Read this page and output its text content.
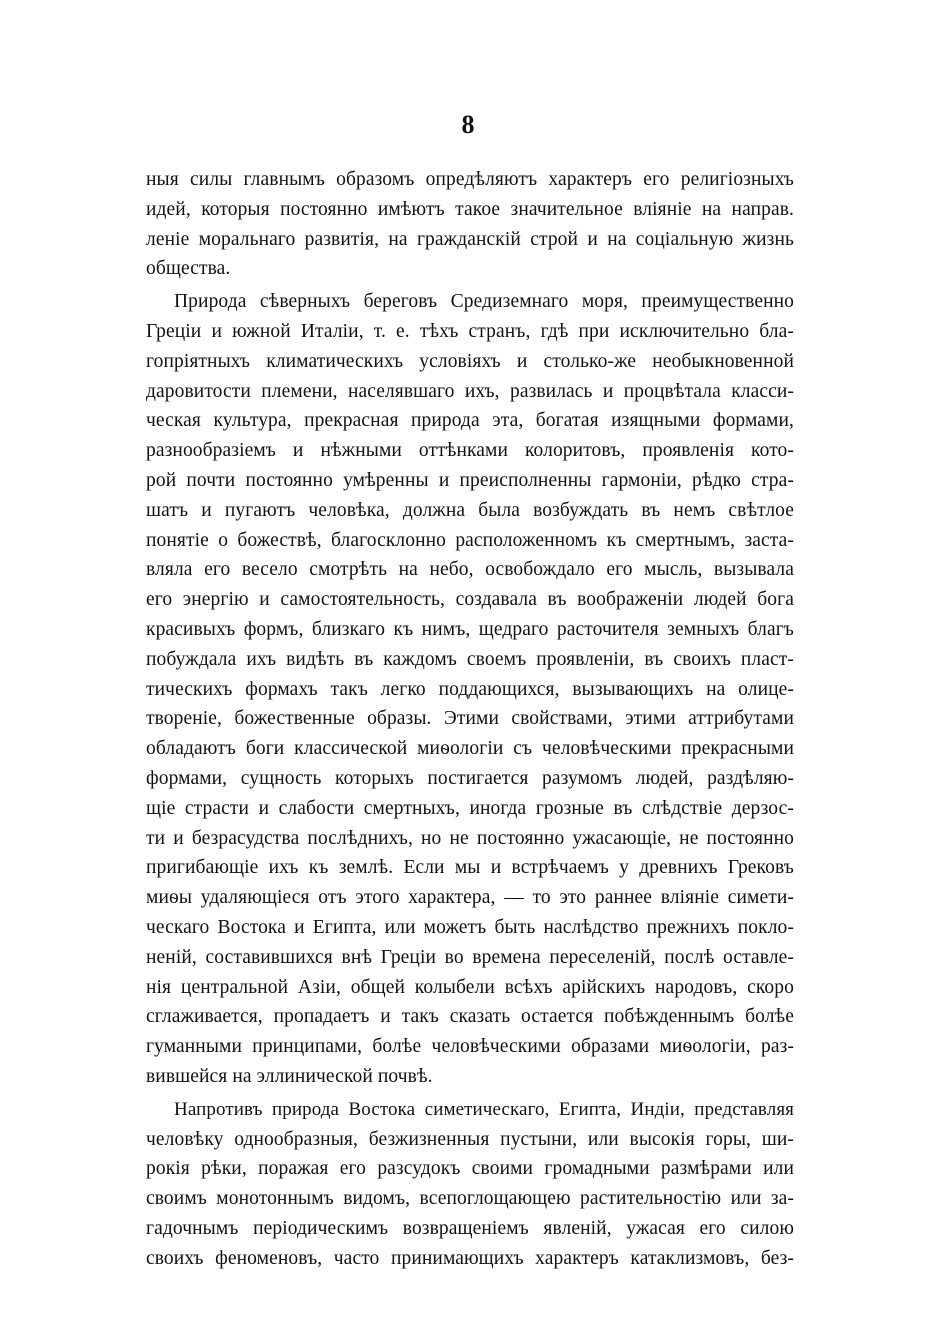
8
ныя силы главнымъ образомъ опредѣляютъ характеръ его религіозныхъ
идей, которыя постоянно имѣютъ такое значительное вліяніе на направ.
леніе моральнаго развитія, на гражданскій строй и на соціальную жизнь
общества.
Природа сѣверныхъ береговъ Средиземнаго моря, преимущественно
Греціи и южной Италіи, т. е. тѣхъ странъ, гдѣ при исключительно бла-
гопріятныхъ климатическихъ условіяхъ и столько-же необыкновенной
даровитости племени, населявшаго ихъ, развилась и процвѣтала класси-
ческая культура, прекрасная природа эта, богатая изящными формами,
разнообразіемъ и нѣжными оттѣнками колоритовъ, проявленія кото-
рой почти постоянно умѣренны и преисполненны гармоніи, рѣдко стра-
шатъ и пугаютъ человѣка, должна была возбуждать въ немъ свѣтлое
понятіе о божествѣ, благосклонно расположенномъ къ смертнымъ, заста-
вляла его весело смотрѣть на небо, освобождало его мысль, вызывала
его энергію и самостоятельность, создавала въ воображеніи людей бога
красивыхъ формъ, близкаго къ нимъ, щедраго расточителя земныхъ благъ
побуждала ихъ видѣть въ каждомъ своемъ проявленіи, въ своихъ пласт-
тическихъ формахъ такъ легко поддающихся, вызывающихъ на олице-
твореніе, божественные образы. Этими свойствами, этими аттрибутами
обладаютъ боги классической миѳологіи съ человѣческими прекрасными
формами, сущность которыхъ постигается разумомъ людей, раздѣляю-
щіе страсти и слабости смертныхъ, иногда грозные въ слѣдствіе дерзос-
ти и безрасудства послѣднихъ, но не постоянно ужасающіе, не постоянно
пригибающіе ихъ къ землѣ. Если мы и встрѣчаемъ у древнихъ Грековъ
миѳы удаляющіеся отъ этого характера, — то это раннее вліяніе симети-
ческаго Востока и Египта, или можетъ быть наслѣдство прежнихъ покло-
неній, составившихся внѣ Греціи во времена переселеній, послѣ оставле-
нія центральной Азіи, общей колыбели всѣхъ арійскихъ народовъ, скоро
сглаживается, пропадаетъ и такъ сказать остается побѣжденнымъ болѣе
гуманными принципами, болѣе человѣческими образами миѳологіи, раз-
вившейся на эллинической почвѣ.
Напротивъ природа Востока симетическаго, Египта, Индіи, представляя
человѣку однообразныя, безжизненныя пустыни, или высокія горы, ши-
рокія рѣки, поражая его разсудокъ своими громадными размѣрами или
своимъ монотоннымъ видомъ, всепоглощающею растительностію или за-
гадочнымъ періодическимъ возвращеніемъ явленій, ужасая его силою
своихъ феноменовъ, часто принимающихъ характеръ катаклизмовъ, без-
